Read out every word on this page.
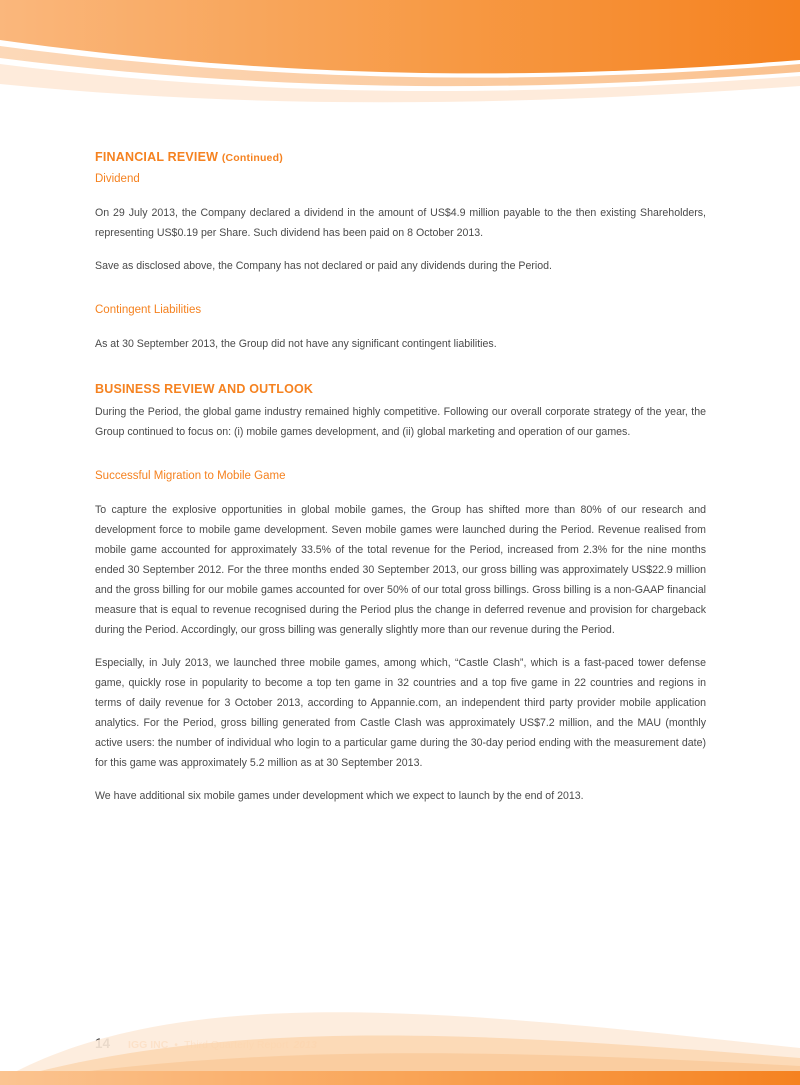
FINANCIAL REVIEW (Continued)
Dividend

On 29 July 2013, the Company declared a dividend in the amount of US$4.9 million payable to the then existing Shareholders, representing US$0.19 per Share. Such dividend has been paid on 8 October 2013.

Save as disclosed above, the Company has not declared or paid any dividends during the Period.

Contingent Liabilities

As at 30 September 2013, the Group did not have any significant contingent liabilities.

BUSINESS REVIEW AND OUTLOOK

During the Period, the global game industry remained highly competitive. Following our overall corporate strategy of the year, the Group continued to focus on: (i) mobile games development, and (ii) global marketing and operation of our games.

Successful Migration to Mobile Game

To capture the explosive opportunities in global mobile games, the Group has shifted more than 80% of our research and development force to mobile game development. Seven mobile games were launched during the Period. Revenue realised from mobile game accounted for approximately 33.5% of the total revenue for the Period, increased from 2.3% for the nine months ended 30 September 2012. For the three months ended 30 September 2013, our gross billing was approximately US$22.9 million and the gross billing for our mobile games accounted for over 50% of our total gross billings. Gross billing is a non-GAAP financial measure that is equal to revenue recognised during the Period plus the change in deferred revenue and provision for chargeback during the Period. Accordingly, our gross billing was generally slightly more than our revenue during the Period.

Especially, in July 2013, we launched three mobile games, among which, “Castle Clash”, which is a fast-paced tower defense game, quickly rose in popularity to become a top ten game in 32 countries and a top five game in 22 countries and regions in terms of daily revenue for 3 October 2013, according to Appannie.com, an independent third party provider mobile application analytics. For the Period, gross billing generated from Castle Clash was approximately US$7.2 million, and the MAU (monthly active users: the number of individual who login to a particular game during the 30-day period ending with the measurement date) for this game was approximately 5.2 million as at 30 September 2013.

We have additional six mobile games under development which we expect to launch by the end of 2013.
